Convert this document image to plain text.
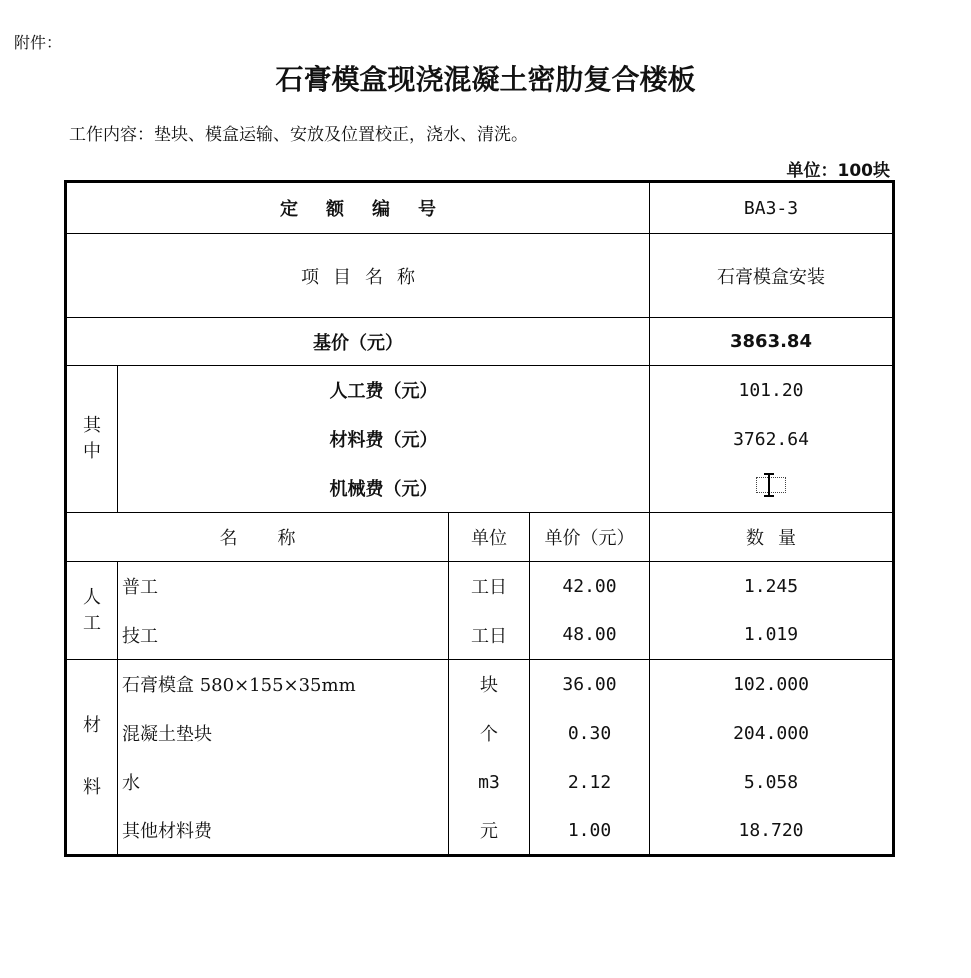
附件：
石膏模盒现浇混凝土密肋复合楼板
工作内容：垫块、模盒运输、安放及位置校正，浇水、清洗。
单位：100块
定额编号				BA3-3
项目名称				石膏模盒安装
基价（元）				3863.84

其
中	人工费（元）			101.20
	材料费（元）			3762.64
	机械费（元）			

名称		单位	单价（元）	数量

人
工	普工	工日	42.00	1.245
	技工	工日	48.00	1.019

材
料	石膏模盒 580×155×35mm	块	36.00	102.000
	混凝土垫块	个	0.30	204.000
	水	m3	2.12	5.058
	其他材料费	元	1.00	18.720
